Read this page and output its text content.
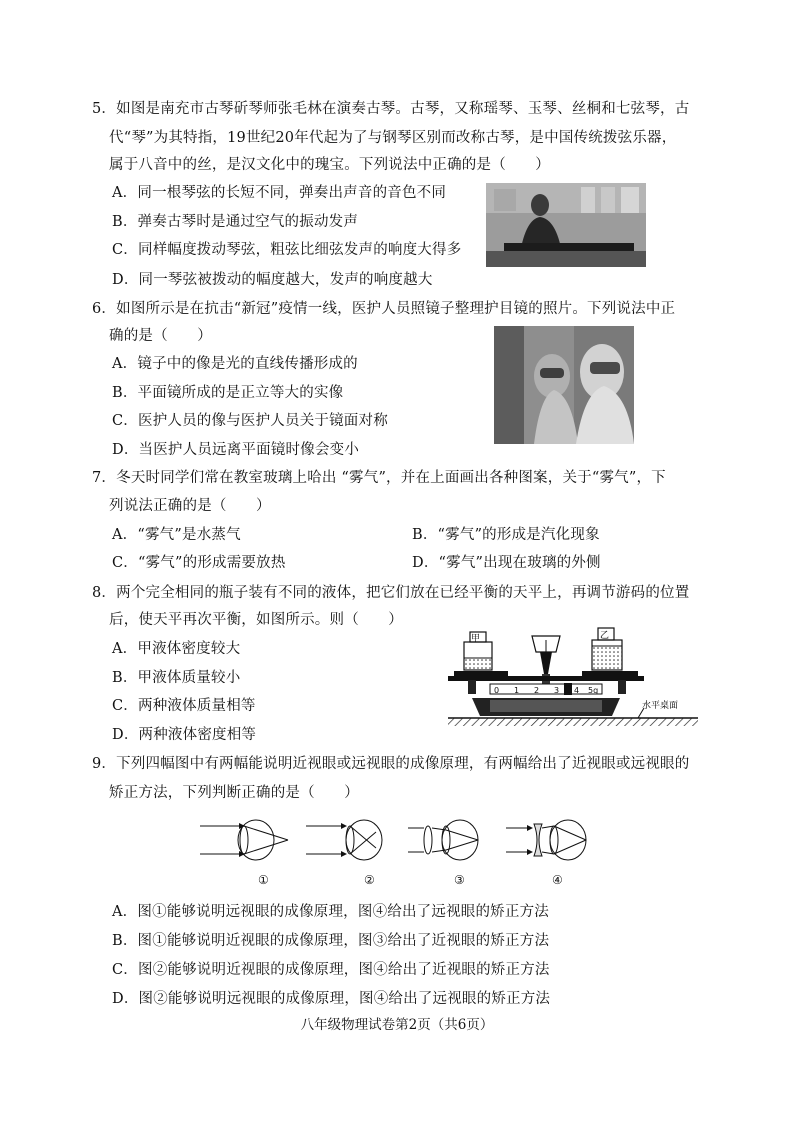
5．如图是南充市古琴斫琴师张毛林在演奏古琴。古琴，又称瑶琴、玉琴、丝桐和七弦琴，古
代“琴”为其特指，19世纪20年代起为了与钢琴区别而改称古琴，是中国传统拨弦乐器，
属于八音中的丝，是汉文化中的瑰宝。下列说法中正确的是（　　）
A．同一根琴弦的长短不同，弹奏出声音的音色不同
B．弹奏古琴时是通过空气的振动发声
C．同样幅度拨动琴弦，粗弦比细弦发声的响度大得多
D．同一琴弦被拨动的幅度越大，发声的响度越大
6．如图所示是在抗击“新冠”疫情一线，医护人员照镜子整理护目镜的照片。下列说法中正
确的是（　　）
A．镜子中的像是光的直线传播形成的
B．平面镜所成的是正立等大的实像
C．医护人员的像与医护人员关于镜面对称
D．当医护人员远离平面镜时像会变小
7．冬天时同学们常在教室玻璃上哈出 “雾气”，并在上面画出各种图案，关于“雾气”，下
列说法正确的是（　　）
A．“雾气”是水蒸气	B．“雾气”的形成是汽化现象
C．“雾气”的形成需要放热	D．“雾气”出现在玻璃的外侧
8．两个完全相同的瓶子装有不同的液体，把它们放在已经平衡的天平上，再调节游码的位置
后，使天平再次平衡，如图所示。则（　　）
A．甲液体密度较大
B．甲液体质量较小
C．两种液体质量相等
D．两种液体密度相等
甲	乙
0 1 2 3 4 5g
水平桌面
9．下列四幅图中有两幅能说明近视眼或远视眼的成像原理，有两幅给出了近视眼或远视眼的
矫正方法，下列判断正确的是（　　）
①	②	③	④
A．图①能够说明远视眼的成像原理，图④给出了远视眼的矫正方法
B．图①能够说明近视眼的成像原理，图③给出了近视眼的矫正方法
C．图②能够说明近视眼的成像原理，图④给出了近视眼的矫正方法
D．图②能够说明远视眼的成像原理，图④给出了远视眼的矫正方法
八年级物理试卷第2页（共6页）
